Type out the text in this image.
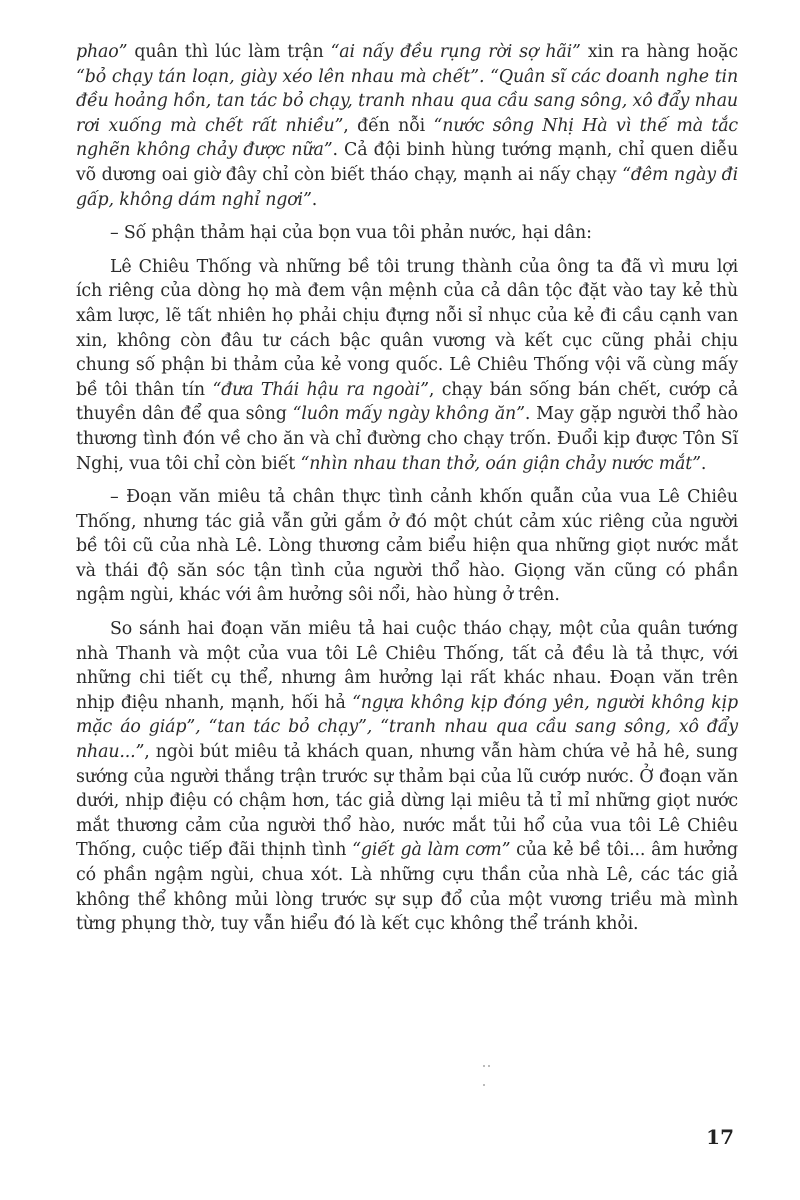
phao” quân thì lúc làm trận “ai nấy đều rụng rời sợ hãi” xin ra hàng hoặc “bỏ chạy tán loạn, giày xéo lên nhau mà chết”. “Quân sĩ các doanh nghe tin đều hoảng hồn, tan tác bỏ chạy, tranh nhau qua cầu sang sông, xô đẩy nhau rơi xuống mà chết rất nhiều”, đến nỗi “nước sông Nhị Hà vì thế mà tắc nghẽn không chảy được nữa”. Cả đội binh hùng tướng mạnh, chỉ quen diễu võ dương oai giờ đây chỉ còn biết tháo chạy, mạnh ai nấy chạy “đêm ngày đi gấp, không dám nghỉ ngơi”.

– Số phận thảm hại của bọn vua tôi phản nước, hại dân:

Lê Chiêu Thống và những bề tôi trung thành của ông ta đã vì mưu lợi ích riêng của dòng họ mà đem vận mệnh của cả dân tộc đặt vào tay kẻ thù xâm lược, lẽ tất nhiên họ phải chịu đựng nỗi sỉ nhục của kẻ đi cầu cạnh van xin, không còn đâu tư cách bậc quân vương và kết cục cũng phải chịu chung số phận bi thảm của kẻ vong quốc. Lê Chiêu Thống vội vã cùng mấy bề tôi thân tín “đưa Thái hậu ra ngoài”, chạy bán sống bán chết, cướp cả thuyền dân để qua sông “luôn mấy ngày không ăn”. May gặp người thổ hào thương tình đón về cho ăn và chỉ đường cho chạy trốn. Đuổi kịp được Tôn Sĩ Nghị, vua tôi chỉ còn biết “nhìn nhau than thở, oán giận chảy nước mắt”.

– Đoạn văn miêu tả chân thực tình cảnh khốn quẫn của vua Lê Chiêu Thống, nhưng tác giả vẫn gửi gắm ở đó một chút cảm xúc riêng của người bề tôi cũ của nhà Lê. Lòng thương cảm biểu hiện qua những giọt nước mắt và thái độ săn sóc tận tình của người thổ hào. Giọng văn cũng có phần ngậm ngùi, khác với âm hưởng sôi nổi, hào hùng ở trên.

So sánh hai đoạn văn miêu tả hai cuộc tháo chạy, một của quân tướng nhà Thanh và một của vua tôi Lê Chiêu Thống, tất cả đều là tả thực, với những chi tiết cụ thể, nhưng âm hưởng lại rất khác nhau. Đoạn văn trên nhịp điệu nhanh, mạnh, hối hả “ngựa không kịp đóng yên, người không kịp mặc áo giáp”, “tan tác bỏ chạy”, “tranh nhau qua cầu sang sông, xô đẩy nhau...”, ngòi bút miêu tả khách quan, nhưng vẫn hàm chứa vẻ hả hê, sung sướng của người thắng trận trước sự thảm bại của lũ cướp nước. Ở đoạn văn dưới, nhịp điệu có chậm hơn, tác giả dừng lại miêu tả tỉ mỉ những giọt nước mắt thương cảm của người thổ hào, nước mắt tủi hổ của vua tôi Lê Chiêu Thống, cuộc tiếp đãi thịnh tình “giết gà làm cơm” của kẻ bề tôi... âm hưởng có phần ngậm ngùi, chua xót. Là những cựu thần của nhà Lê, các tác giả không thể không mủi lòng trước sự sụp đổ của một vương triều mà mình từng phụng thờ, tuy vẫn hiểu đó là kết cục không thể tránh khỏi.

17
